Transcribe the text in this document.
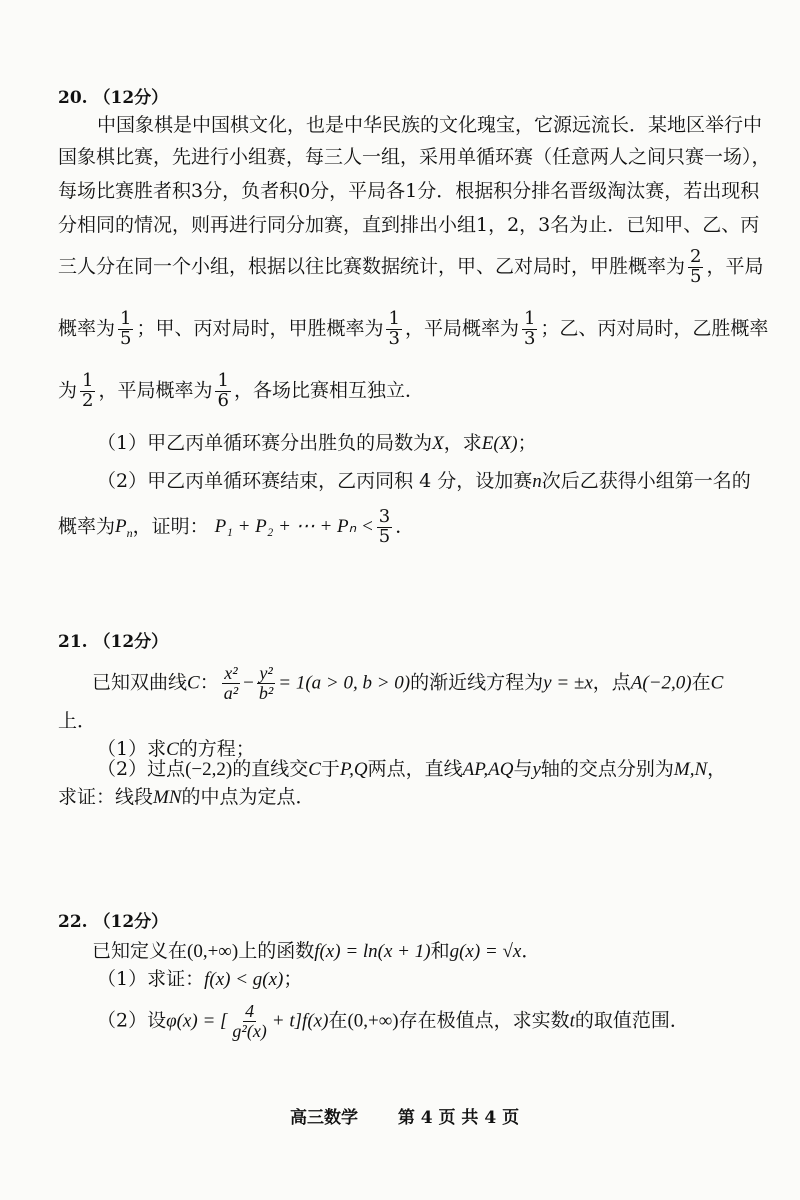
20. （12分）
中国象棋是中国棋文化，也是中华民族的文化瑰宝，它源远流长．某地区举行中
国象棋比赛，先进行小组赛，每三人一组，采用单循环赛（任意两人之间只赛一场），
每场比赛胜者积3分，负者积0分，平局各1分．根据积分排名晋级淘汰赛，若出现积
分相同的情况，则再进行同分加赛，直到排出小组1，2，3名为止．已知甲、乙、丙
三人分在同一个小组，根据以往比赛数据统计，甲、乙对局时，甲胜概率为 $\frac{2}{5}$ ，平局
概率为 $\frac{1}{5}$ ；甲、丙对局时，甲胜概率为 $\frac{1}{3}$ ，平局概率为 $\frac{1}{3}$ ；乙、丙对局时，乙胜概率
为 $\frac{1}{2}$ ，平局概率为 $\frac{1}{6}$ ，各场比赛相互独立．
（1）甲乙丙单循环赛分出胜负的局数为X，求E(X)；
（2）甲乙丙单循环赛结束，乙丙同积 4 分，设加赛n次后乙获得小组第一名的
概率为$P_n$，证明： P₁ + P₂ + ⋯ + $P_n < \frac{3}{5}$ ．
21. （12分）
已知双曲线C： $\frac{\text{x²}}{\text{a²}} - \frac{\text{y²}}{\text{b²}} = 1(a > 0$, b > 0)的渐近线方程为y = ±x，点A(−2,0)在C
上．
（1）求C的方程；
（2）过点(−2,2)的直线交C于P,Q两点，直线AP,AQ与y轴的交点分别为M,N，
求证：线段MN的中点为定点．
22. （12分）
已知定义在(0,+∞)上的函数f(x) = ln(x + 1)和g(x) = √x．
（1）求证：f(x) < g(x)；
（2）设φ(x) = [ $\frac{4}{\text{g²(x)}} + t]f(x)$在(0,+∞)存在极值点，求实数t的取值范围．
高三数学 第 4 页 共 4 页
